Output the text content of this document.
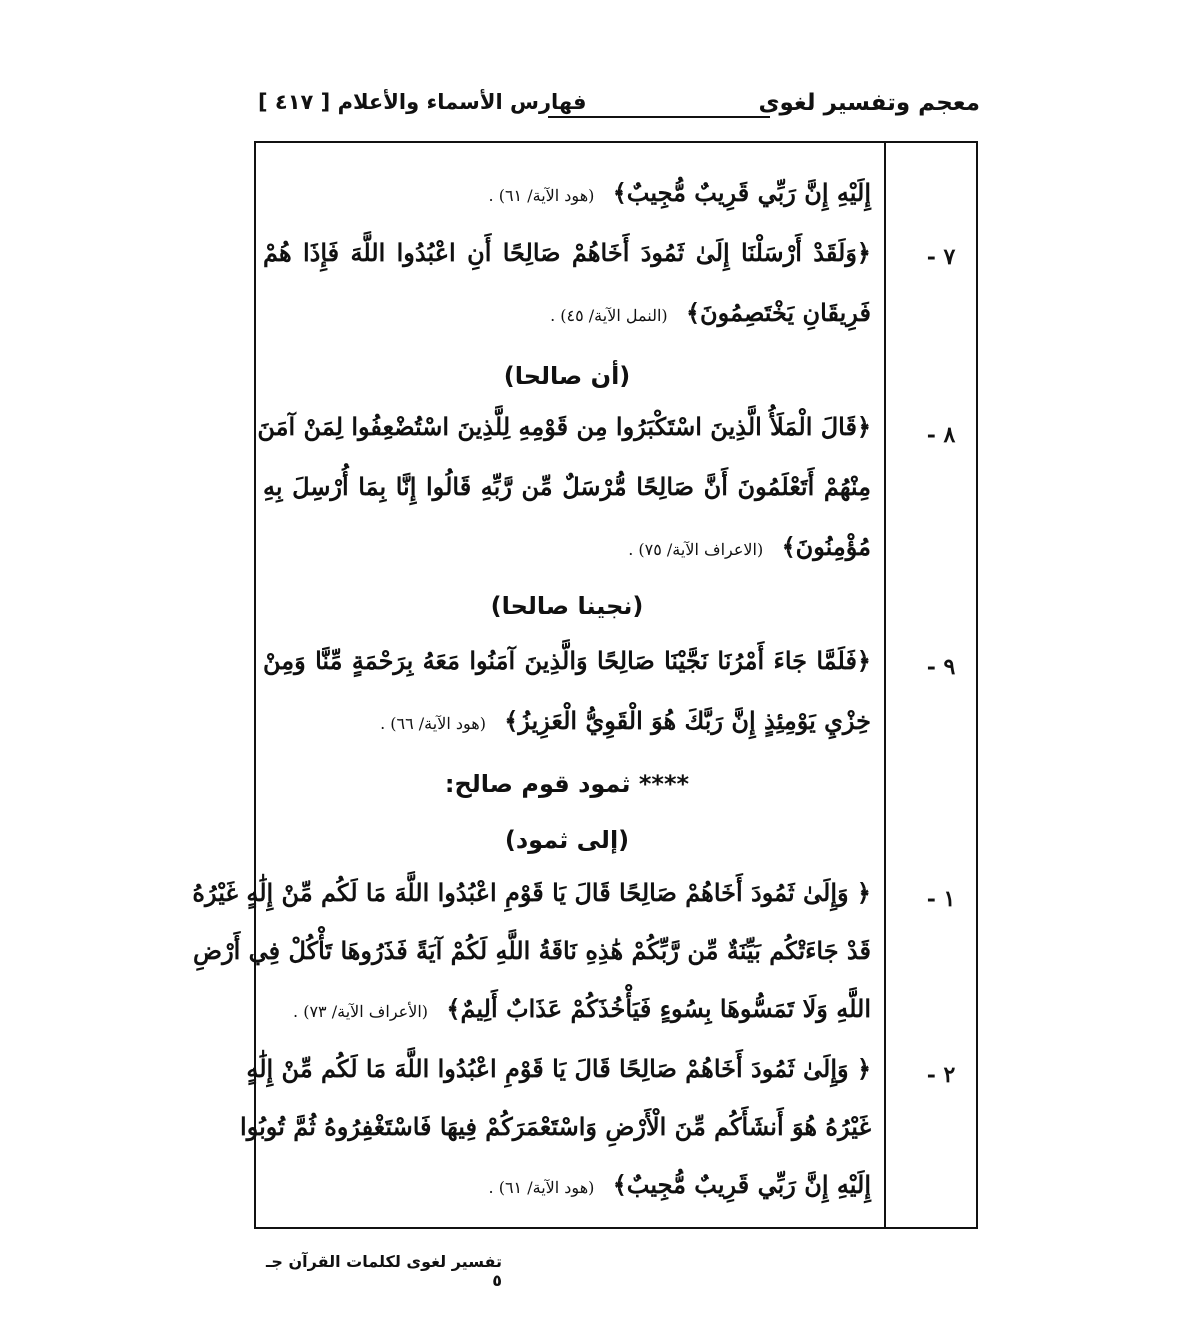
معجم وتفسير لغوى
فهارس الأسماء والأعلام [ ٤١٧ ]
إِلَيْهِ إِنَّ رَبِّي قَرِيبٌ مُّجِيبٌ﴾ (هود الآية/ ٦١) .
٧ -
﴿وَلَقَدْ أَرْسَلْنَا إِلَىٰ ثَمُودَ أَخَاهُمْ صَالِحًا أَنِ اعْبُدُوا اللَّهَ فَإِذَا هُمْ
فَرِيقَانِ يَخْتَصِمُونَ﴾ (النمل الآية/ ٤٥) .
(أن صالحا)
٨ -
﴿قَالَ الْمَلَأُ الَّذِينَ اسْتَكْبَرُوا مِن قَوْمِهِ لِلَّذِينَ اسْتُضْعِفُوا لِمَنْ آمَنَ
مِنْهُمْ أَتَعْلَمُونَ أَنَّ صَالِحًا مُّرْسَلٌ مِّن رَّبِّهِ قَالُوا إِنَّا بِمَا أُرْسِلَ بِهِ
مُؤْمِنُونَ﴾ (الاعراف الآية/ ٧٥) .
(نجينا صالحا)
٩ -
﴿فَلَمَّا جَاءَ أَمْرُنَا نَجَّيْنَا صَالِحًا وَالَّذِينَ آمَنُوا مَعَهُ بِرَحْمَةٍ مِّنَّا وَمِنْ
خِزْيِ يَوْمِئِذٍ إِنَّ رَبَّكَ هُوَ الْقَوِيُّ الْعَزِيزُ﴾ (هود الآية/ ٦٦) .
**** ثمود قوم صالح:
(إلى ثمود)
١ -
﴿ وَإِلَىٰ ثَمُودَ أَخَاهُمْ صَالِحًا قَالَ يَا قَوْمِ اعْبُدُوا اللَّهَ مَا لَكُم مِّنْ إِلَٰهٍ غَيْرُهُ
قَدْ جَاءَتْكُم بَيِّنَةٌ مِّن رَّبِّكُمْ هَٰذِهِ نَاقَةُ اللَّهِ لَكُمْ آيَةً فَذَرُوهَا تَأْكُلْ فِي أَرْضِ
اللَّهِ وَلَا تَمَسُّوهَا بِسُوءٍ فَيَأْخُذَكُمْ عَذَابٌ أَلِيمٌ﴾ (الأعراف الآية/ ٧٣) .
٢ -
﴿ وَإِلَىٰ ثَمُودَ أَخَاهُمْ صَالِحًا قَالَ يَا قَوْمِ اعْبُدُوا اللَّهَ مَا لَكُم مِّنْ إِلَٰهٍ
غَيْرُهُ هُوَ أَنشَأَكُم مِّنَ الْأَرْضِ وَاسْتَعْمَرَكُمْ فِيهَا فَاسْتَغْفِرُوهُ ثُمَّ تُوبُوا
إِلَيْهِ إِنَّ رَبِّي قَرِيبٌ مُّجِيبٌ﴾ (هود الآية/ ٦١) .
تفسير لغوى لكلمات القرآن جـ ٥
